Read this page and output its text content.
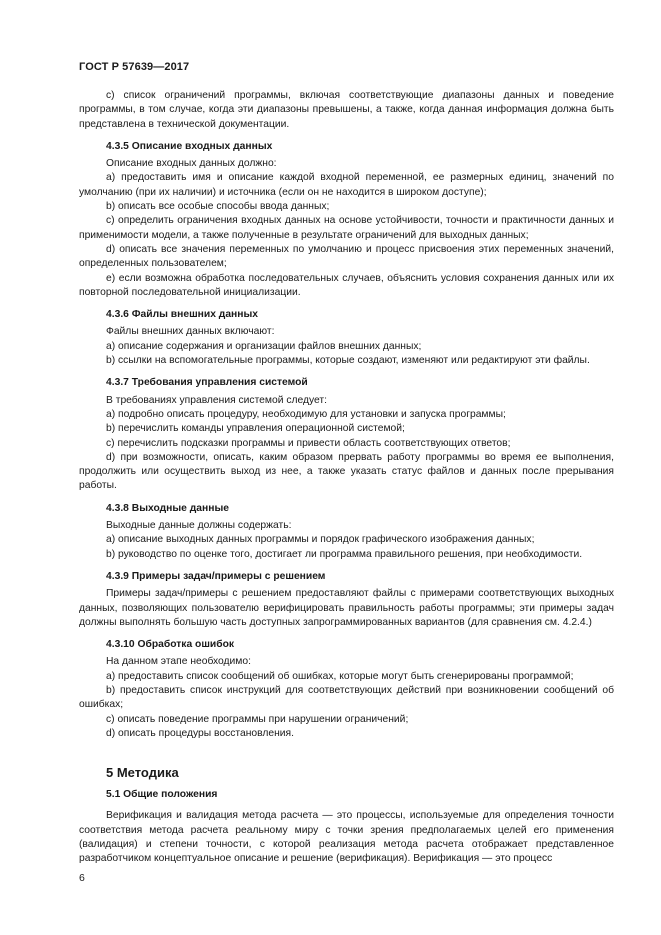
ГОСТ Р 57639—2017

c) список ограничений программы, включая соответствующие диапазоны данных и поведение программы, в том случае, когда эти диапазоны превышены, а также, когда данная информация должна быть представлена в технической документации.

4.3.5 Описание входных данных

Описание входных данных должно:

a) предоставить имя и описание каждой входной переменной, ее размерных единиц, значений по умолчанию (при их наличии) и источника (если он не находится в широком доступе);

b) описать все особые способы ввода данных;

c) определить ограничения входных данных на основе устойчивости, точности и практичности данных и применимости модели, а также полученные в результате ограничений для выходных данных;

d) описать все значения переменных по умолчанию и процесс присвоения этих переменных значений, определенных пользователем;

e) если возможна обработка последовательных случаев, объяснить условия сохранения данных или их повторной последовательной инициализации.

4.3.6 Файлы внешних данных

Файлы внешних данных включают:

a) описание содержания и организации файлов внешних данных;

b) ссылки на вспомогательные программы, которые создают, изменяют или редактируют эти файлы.

4.3.7 Требования управления системой

В требованиях управления системой следует:

a) подробно описать процедуру, необходимую для установки и запуска программы;

b) перечислить команды управления операционной системой;

c) перечислить подсказки программы и привести область соответствующих ответов;

d) при возможности, описать, каким образом прервать работу программы во время ее выполнения, продолжить или осуществить выход из нее, а также указать статус файлов и данных после прерывания работы.

4.3.8 Выходные данные

Выходные данные должны содержать:

a) описание выходных данных программы и порядок графического изображения данных;

b) руководство по оценке того, достигает ли программа правильного решения, при необходимости.

4.3.9 Примеры задач/примеры с решением

Примеры задач/примеры с решением предоставляют файлы с примерами соответствующих выходных данных, позволяющих пользователю верифицировать правильность работы программы; эти примеры задач должны выполнять большую часть доступных запрограммированных вариантов (для сравнения см. 4.2.4.)

4.3.10 Обработка ошибок

На данном этапе необходимо:

a) предоставить список сообщений об ошибках, которые могут быть сгенерированы программой;

b) предоставить список инструкций для соответствующих действий при возникновении сообщений об ошибках;

c) описать поведение программы при нарушении ограничений;

d) описать процедуры восстановления.

5 Методика

5.1 Общие положения

Верификация и валидация метода расчета — это процессы, используемые для определения точности соответствия метода расчета реальному миру с точки зрения предполагаемых целей его применения (валидация) и степени точности, с которой реализация метода расчета отображает представленное разработчиком концептуальное описание и решение (верификация). Верификация — это процесс

6
